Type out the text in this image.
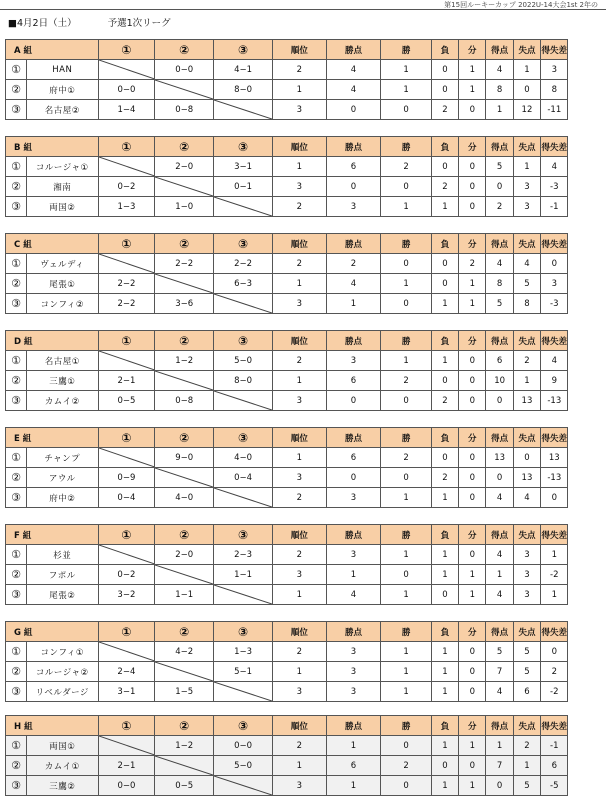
第15回ルーキーカップ 2022U-14大会1st 2年の
■4月2日（土）	予選1次リーグ
A 組		①	②	③	順位	勝点	勝	負	分	得点	失点	得失差
①	HAN		0−0	4−1	2	4	1	0	1	4	1	3
②	府中①	0−0		8−0	1	4	1	0	1	8	0	8
③	名古屋②	1−4	0−8		3	0	0	2	0	1	12	-11
B 組		①	②	③	順位	勝点	勝	負	分	得点	失点	得失差
①	コルージャ①		2−0	3−1	1	6	2	0	0	5	1	4
②	湘南	0−2		0−1	3	0	0	2	0	0	3	-3
③	両国②	1−3	1−0		2	3	1	1	0	2	3	-1
C 組		①	②	③	順位	勝点	勝	負	分	得点	失点	得失差
①	ヴェルディ		2−2	2−2	2	2	0	0	2	4	4	0
②	尾張①	2−2		6−3	1	4	1	0	1	8	5	3
③	コンフィ②	2−2	3−6		3	1	0	1	1	5	8	-3
D 組		①	②	③	順位	勝点	勝	負	分	得点	失点	得失差
①	名古屋①		1−2	5−0	2	3	1	1	0	6	2	4
②	三鷹①	2−1		8−0	1	6	2	0	0	10	1	9
③	カムイ②	0−5	0−8		3	0	0	2	0	0	13	-13
E 組		①	②	③	順位	勝点	勝	負	分	得点	失点	得失差
①	チャンプ		9−0	4−0	1	6	2	0	0	13	0	13
②	アウル	0−9		0−4	3	0	0	2	0	0	13	-13
③	府中②	0−4	4−0		2	3	1	1	0	4	4	0
F 組		①	②	③	順位	勝点	勝	負	分	得点	失点	得失差
①	杉並		2−0	2−3	2	3	1	1	0	4	3	1
②	フポル	0−2		1−1	3	1	0	1	1	1	3	-2
③	尾張②	3−2	1−1		1	4	1	0	1	4	3	1
G 組		①	②	③	順位	勝点	勝	負	分	得点	失点	得失差
①	コンフィ①		4−2	1−3	2	3	1	1	0	5	5	0
②	コルージャ②	2−4		5−1	1	3	1	1	0	7	5	2
③	リベルダージ	3−1	1−5		3	3	1	1	0	4	6	-2
H 組		①	②	③	順位	勝点	勝	負	分	得点	失点	得失差
①	両国①		1−2	0−0	2	1	0	1	1	1	2	-1
②	カムイ①	2−1		5−0	1	6	2	0	0	7	1	6
③	三鷹②	0−0	0−5		3	1	0	1	1	0	5	-5
